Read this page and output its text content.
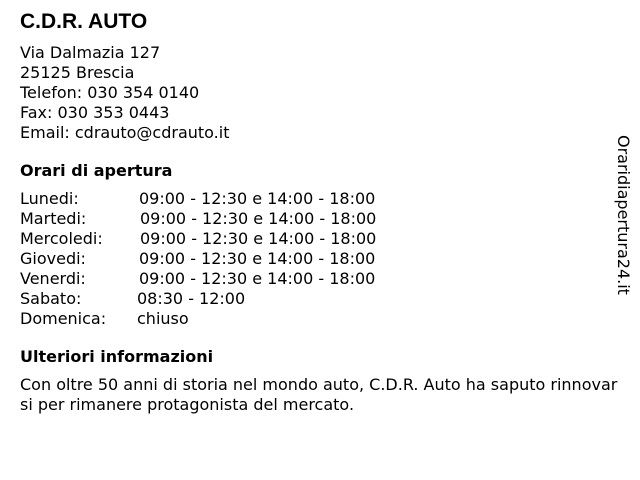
C.D.R. AUTO
Via Dalmazia 127
25125 Brescia
Telefon: 030 354 0140
Fax: 030 353 0443
Email: cdrauto@cdrauto.it
Orari di apertura
Lunedi:	09:00 - 12:30 e 14:00 - 18:00
Martedi:	09:00 - 12:30 e 14:00 - 18:00
Mercoledi: 09:00 - 12:30 e 14:00 - 18:00
Giovedi:	09:00 - 12:30 e 14:00 - 18:00
Venerdi:	09:00 - 12:30 e 14:00 - 18:00
Sabato:	08:30 - 12:00
Domenica: chiuso
Ulteriori informazioni
Con oltre 50 anni di storia nel mondo auto, C.D.R. Auto ha saputo rinnovarsi per rimanere protagonista del mercato.
Oraridiapertura24.it
